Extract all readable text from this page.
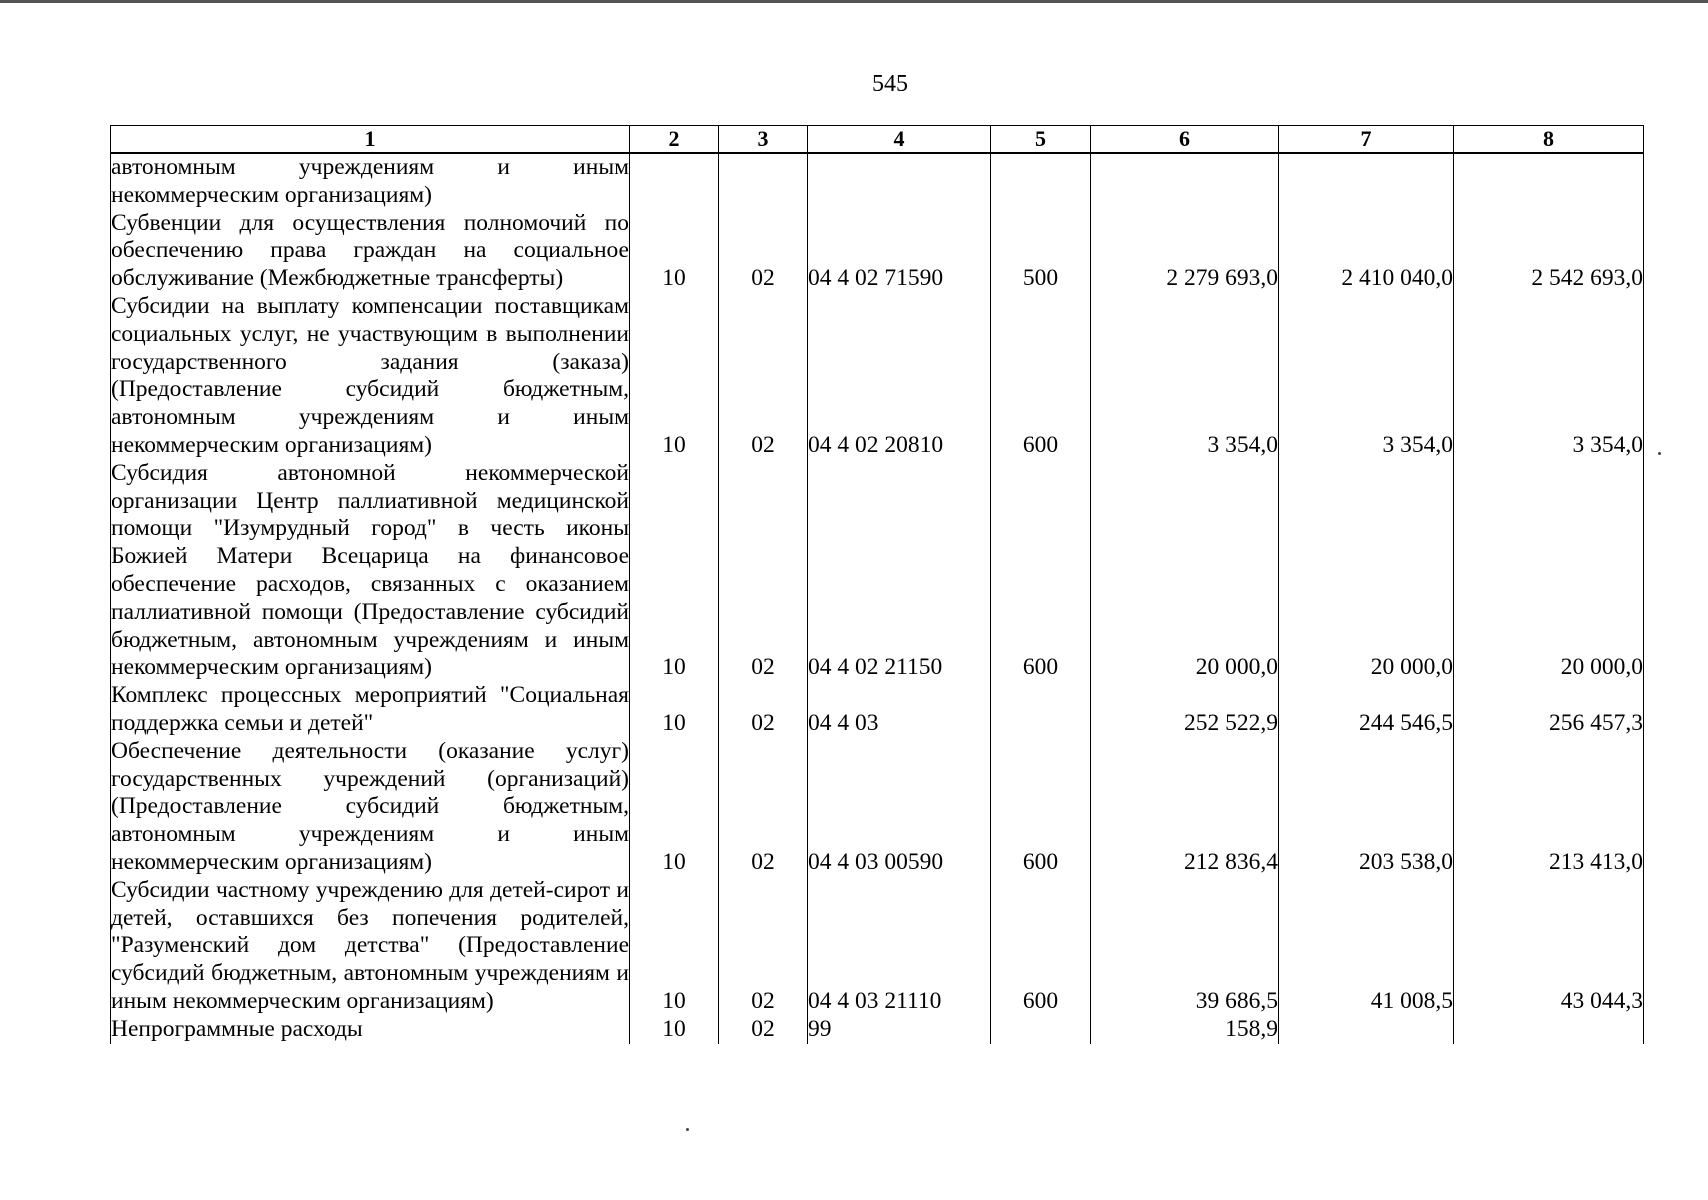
545
1	2	3	4	5	6	7	8
автономным учреждениям и иным некоммерческим организациям)							
Субвенции для осуществления полномочий по обеспечению права граждан на социальное обслуживание (Межбюджетные трансферты)	10	02	04 4 02 71590	500	2 279 693,0	2 410 040,0	2 542 693,0
Субсидии на выплату компенсации поставщикам социальных услуг, не участвующим в выполнении государственного задания (заказа) (Предоставление субсидий бюджетным, автономным учреждениям и иным некоммерческим организациям)	10	02	04 4 02 20810	600	3 354,0	3 354,0	3 354,0
Субсидия автономной некоммерческой организации Центр паллиативной медицинской помощи "Изумрудный город" в честь иконы Божией Матери Всецарица на финансовое обеспечение расходов, связанных с оказанием паллиативной помощи (Предоставление субсидий бюджетным, автономным учреждениям и иным некоммерческим организациям)	10	02	04 4 02 21150	600	20 000,0	20 000,0	20 000,0
Комплекс процессных мероприятий "Социальная поддержка семьи и детей"	10	02	04 4 03		252 522,9	244 546,5	256 457,3
Обеспечение деятельности (оказание услуг) государственных учреждений (организаций) (Предоставление субсидий бюджетным, автономным учреждениям и иным некоммерческим организациям)	10	02	04 4 03 00590	600	212 836,4	203 538,0	213 413,0
Субсидии частному учреждению для детей-сирот и детей, оставшихся без попечения родителей, "Разуменский дом детства" (Предоставление субсидий бюджетным, автономным учреждениям и иным некоммерческим организациям)	10	02	04 4 03 21110	600	39 686,5	41 008,5	43 044,3
Непрограммные расходы	10	02	99		158,9		
